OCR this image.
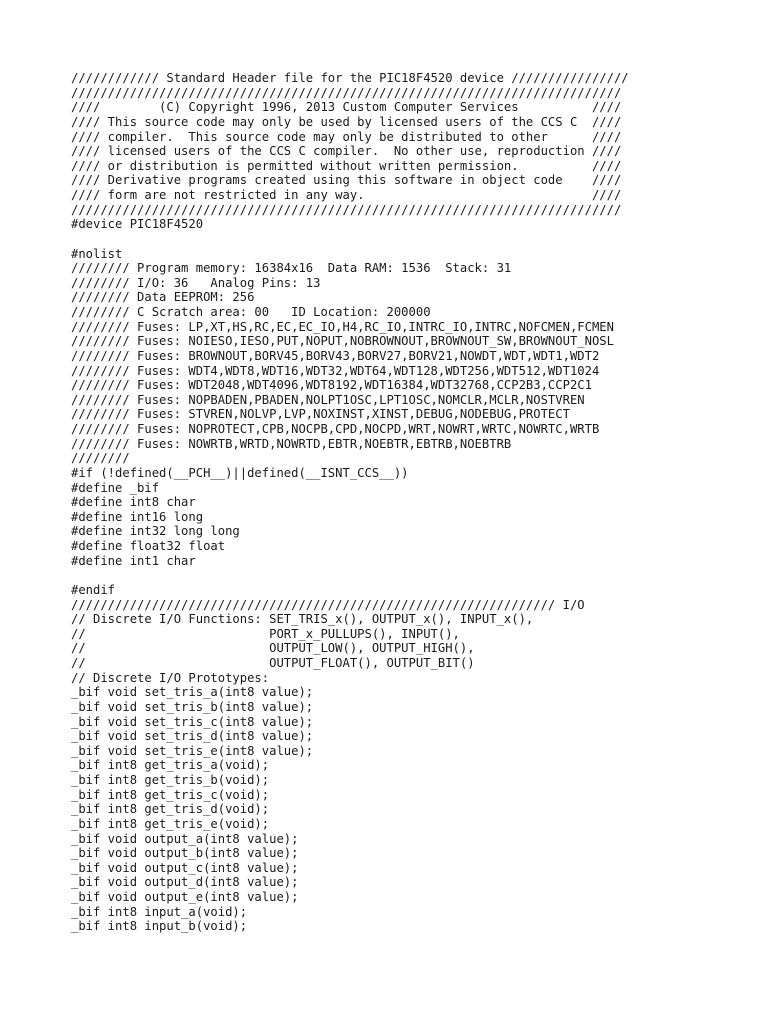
//////////// Standard Header file for the PIC18F4520 device ////////////////
///////////////////////////////////////////////////////////////////////////
////        (C) Copyright 1996, 2013 Custom Computer Services          ////
//// This source code may only be used by licensed users of the CCS C  ////
//// compiler.  This source code may only be distributed to other      ////
//// licensed users of the CCS C compiler.  No other use, reproduction ////
//// or distribution is permitted without written permission.          ////
//// Derivative programs created using this software in object code    ////
//// form are not restricted in any way.                               ////
///////////////////////////////////////////////////////////////////////////
#device PIC18F4520
#nolist
//////// Program memory: 16384x16  Data RAM: 1536  Stack: 31
//////// I/O: 36   Analog Pins: 13
//////// Data EEPROM: 256
//////// C Scratch area: 00   ID Location: 200000
//////// Fuses: LP,XT,HS,RC,EC,EC_IO,H4,RC_IO,INTRC_IO,INTRC,NOFCMEN,FCMEN
//////// Fuses: NOIESO,IESO,PUT,NOPUT,NOBROWNOUT,BROWNOUT_SW,BROWNOUT_NOSL
//////// Fuses: BROWNOUT,BORV45,BORV43,BORV27,BORV21,NOWDT,WDT,WDT1,WDT2
//////// Fuses: WDT4,WDT8,WDT16,WDT32,WDT64,WDT128,WDT256,WDT512,WDT1024
//////// Fuses: WDT2048,WDT4096,WDT8192,WDT16384,WDT32768,CCP2B3,CCP2C1
//////// Fuses: NOPBADEN,PBADEN,NOLPT1OSC,LPT1OSC,NOMCLR,MCLR,NOSTVREN
//////// Fuses: STVREN,NOLVP,LVP,NOXINST,XINST,DEBUG,NODEBUG,PROTECT
//////// Fuses: NOPROTECT,CPB,NOCPB,CPD,NOCPD,WRT,NOWRT,WRTC,NOWRTC,WRTB
//////// Fuses: NOWRTB,WRTD,NOWRTD,EBTR,NOEBTR,EBTRB,NOEBTRB
////////
#if (!defined(__PCH__)||defined(__ISNT_CCS__))
#define _bif
#define int8 char
#define int16 long
#define int32 long long
#define float32 float
#define int1 char
#endif
////////////////////////////////////////////////////////////////// I/O
// Discrete I/O Functions: SET_TRIS_x(), OUTPUT_x(), INPUT_x(),
//                         PORT_x_PULLUPS(), INPUT(),
//                         OUTPUT_LOW(), OUTPUT_HIGH(),
//                         OUTPUT_FLOAT(), OUTPUT_BIT()
// Discrete I/O Prototypes:
_bif void set_tris_a(int8 value);
_bif void set_tris_b(int8 value);
_bif void set_tris_c(int8 value);
_bif void set_tris_d(int8 value);
_bif void set_tris_e(int8 value);
_bif int8 get_tris_a(void);
_bif int8 get_tris_b(void);
_bif int8 get_tris_c(void);
_bif int8 get_tris_d(void);
_bif int8 get_tris_e(void);
_bif void output_a(int8 value);
_bif void output_b(int8 value);
_bif void output_c(int8 value);
_bif void output_d(int8 value);
_bif void output_e(int8 value);
_bif int8 input_a(void);
_bif int8 input_b(void);
